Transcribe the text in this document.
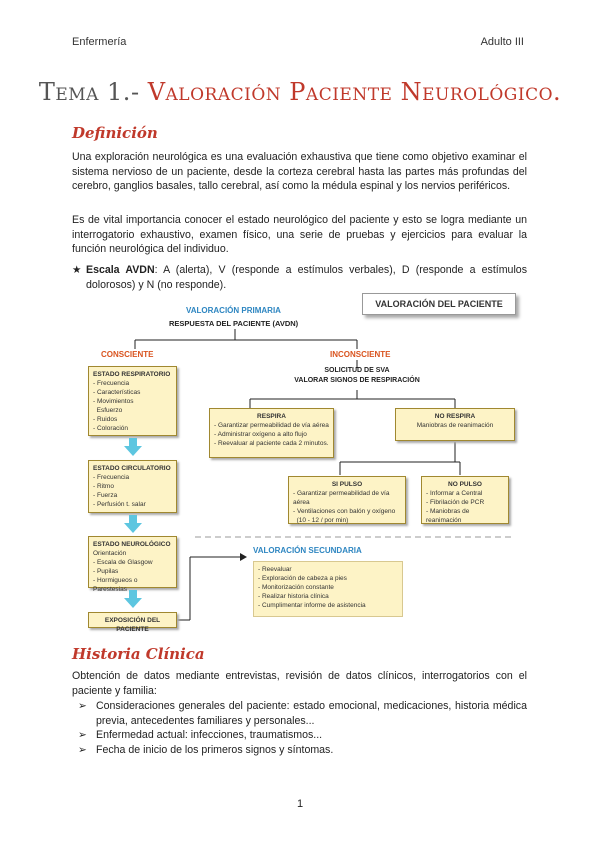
Enfermería	Adulto III
Tema 1.- Valoración Paciente Neurológico.
Definición
Una exploración neurológica es una evaluación exhaustiva que tiene como objetivo examinar el sistema nervioso de un paciente, desde la corteza cerebral hasta las partes más profundas del cerebro, ganglios basales, tallo cerebral, así como la médula espinal y los nervios periféricos.
Es de vital importancia conocer el estado neurológico del paciente y esto se logra mediante un interrogatorio exhaustivo, examen físico, una serie de pruebas y ejercicios para evaluar la función neurológica del individuo.
★ Escala AVDN: A (alerta), V (responde a estímulos verbales), D (responde a estímulos dolorosos) y N (no responde).
VALORACIÓN DEL PACIENTE
VALORACIÓN PRIMARIA
RESPUESTA DEL PACIENTE (AVDN)
CONSCIENTE	INCONSCIENTE
SOLICITUD DE SVA
VALORAR SIGNOS DE RESPIRACIÓN
ESTADO RESPIRATORIO
- Frecuencia
- Características
- Movimientos
Esfuerzo
- Ruidos
- Coloración
ESTADO CIRCULATORIO
- Frecuencia
- Ritmo
- Fuerza
- Perfusión t. salar
ESTADO NEUROLÓGICO
Orientación
- Escala de Glasgow
- Pupilas
- Hormigueos o Parestesias
EXPOSICIÓN DEL PACIENTE
RESPIRA
- Garantizar permeabilidad de vía aérea
- Administrar oxígeno a alto flujo
- Reevaluar al paciente cada 2 minutos.
NO RESPIRA
Maniobras de reanimación
SI PULSO
- Garantizar permeabilidad de vía aérea
- Ventilaciones con balón y oxígeno
(10 - 12 / por min)
NO PULSO
- Informar a Central
- Fibrilación de PCR
- Maniobras de reanimación
VALORACIÓN SECUNDARIA
- Reevaluar
- Exploración de cabeza a pies
- Monitorización constante
- Realizar historia clínica
- Cumplimentar informe de asistencia
Historia Clínica
Obtención de datos mediante entrevistas, revisión de datos clínicos, interrogatorios con el paciente y familia:
➢ Consideraciones generales del paciente: estado emocional, medicaciones, historia médica previa, antecedentes familiares y personales...
➢ Enfermedad actual: infecciones, traumatismos...
➢ Fecha de inicio de los primeros signos y síntomas.
1
